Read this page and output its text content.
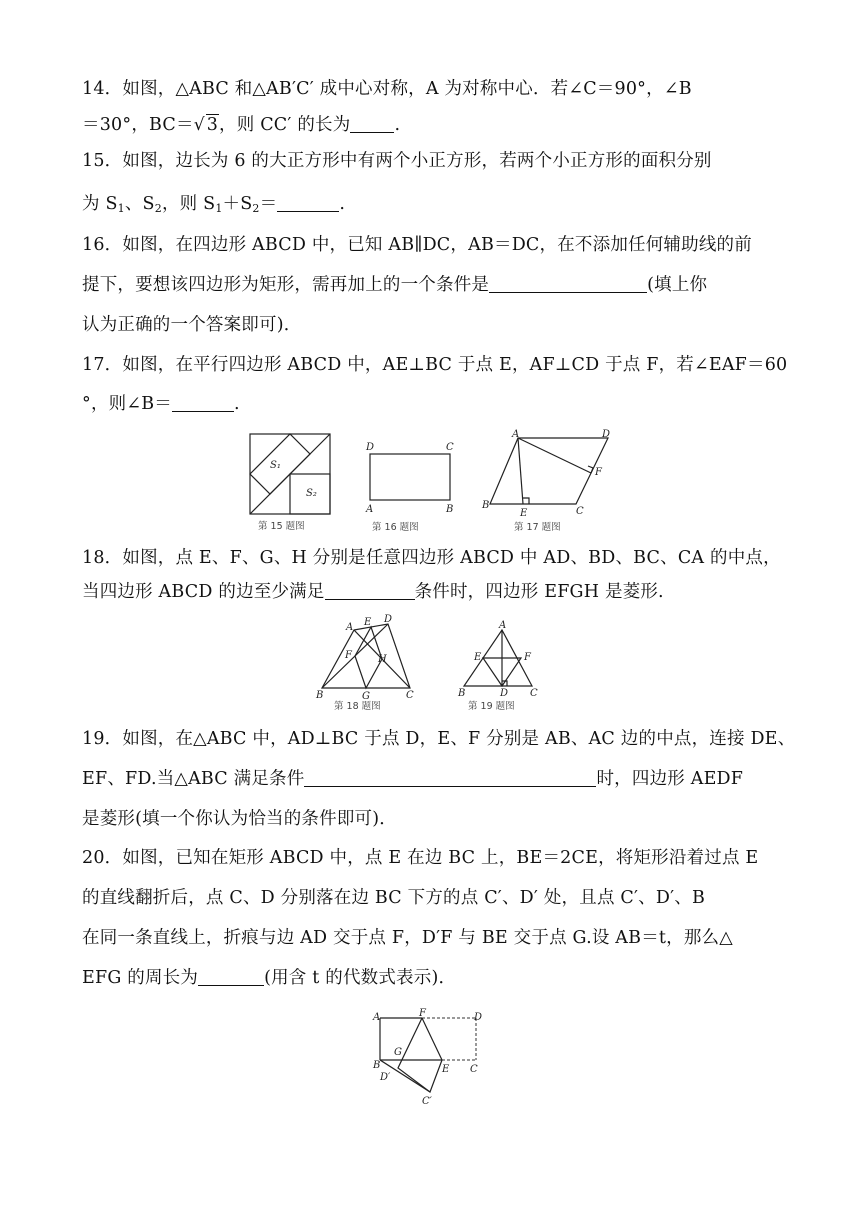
14．如图，△ABC 和△AB′C′ 成中心对称，A 为对称中心．若∠C＝90°，∠B
＝30°，BC＝ √ 3，则 CC′ 的长为	.
15．如图，边长为 6 的大正方形中有两个小正方形，若两个小正方形的面积分别
为 $S_1$、$S_2$，则 $S_1+S_2=$	.
16．如图，在四边形 ABCD 中，已知 AB∥DC，AB＝DC，在不添加任何辅助线的前
提下，要想该四边形为矩形，需再加上的一个条件是	(填上你
认为正确的一个答案即可)．
17．如图，在平行四边形 ABCD 中，AE⊥BC 于点 E，AF⊥CD 于点 F，若∠EAF＝60
°，则∠B＝	.
S₁
S₂
第 15 题图
D	C
A	B
第 16 题图
A	D
F
B
E	C
第 17 题图
18．如图，点 E、F、G、H 分别是任意四边形 ABCD 中 AD、BD、BC、CA 的中点，
当四边形 ABCD 的边至少满足	条件时，四边形 EFGH 是菱形.
A E D
F	H
B	G	C
第 18 题图
A
E	F
B	D C
第 19 题图
19．如图，在△ABC 中，AD⊥BC 于点 D，E、F 分别是 AB、AC 边的中点，连接 DE、
EF、FD.当△ABC 满足条件	时，四边形 AEDF
是菱形(填一个你认为恰当的条件即可)．
20．如图，已知在矩形 ABCD 中，点 E 在边 BC 上，BE＝2CE，将矩形沿着过点 E
的直线翻折后，点 C、D 分别落在边 BC 下方的点 C′、D′ 处，且点 C′、D′、B
在同一条直线上，折痕与边 AD 交于点 F，D′F 与 BE 交于点 G.设 AB＝t，那么△
EFG 的周长为	(用含 t 的代数式表示)．
A	F	D
G
B
D′
E C
C′
